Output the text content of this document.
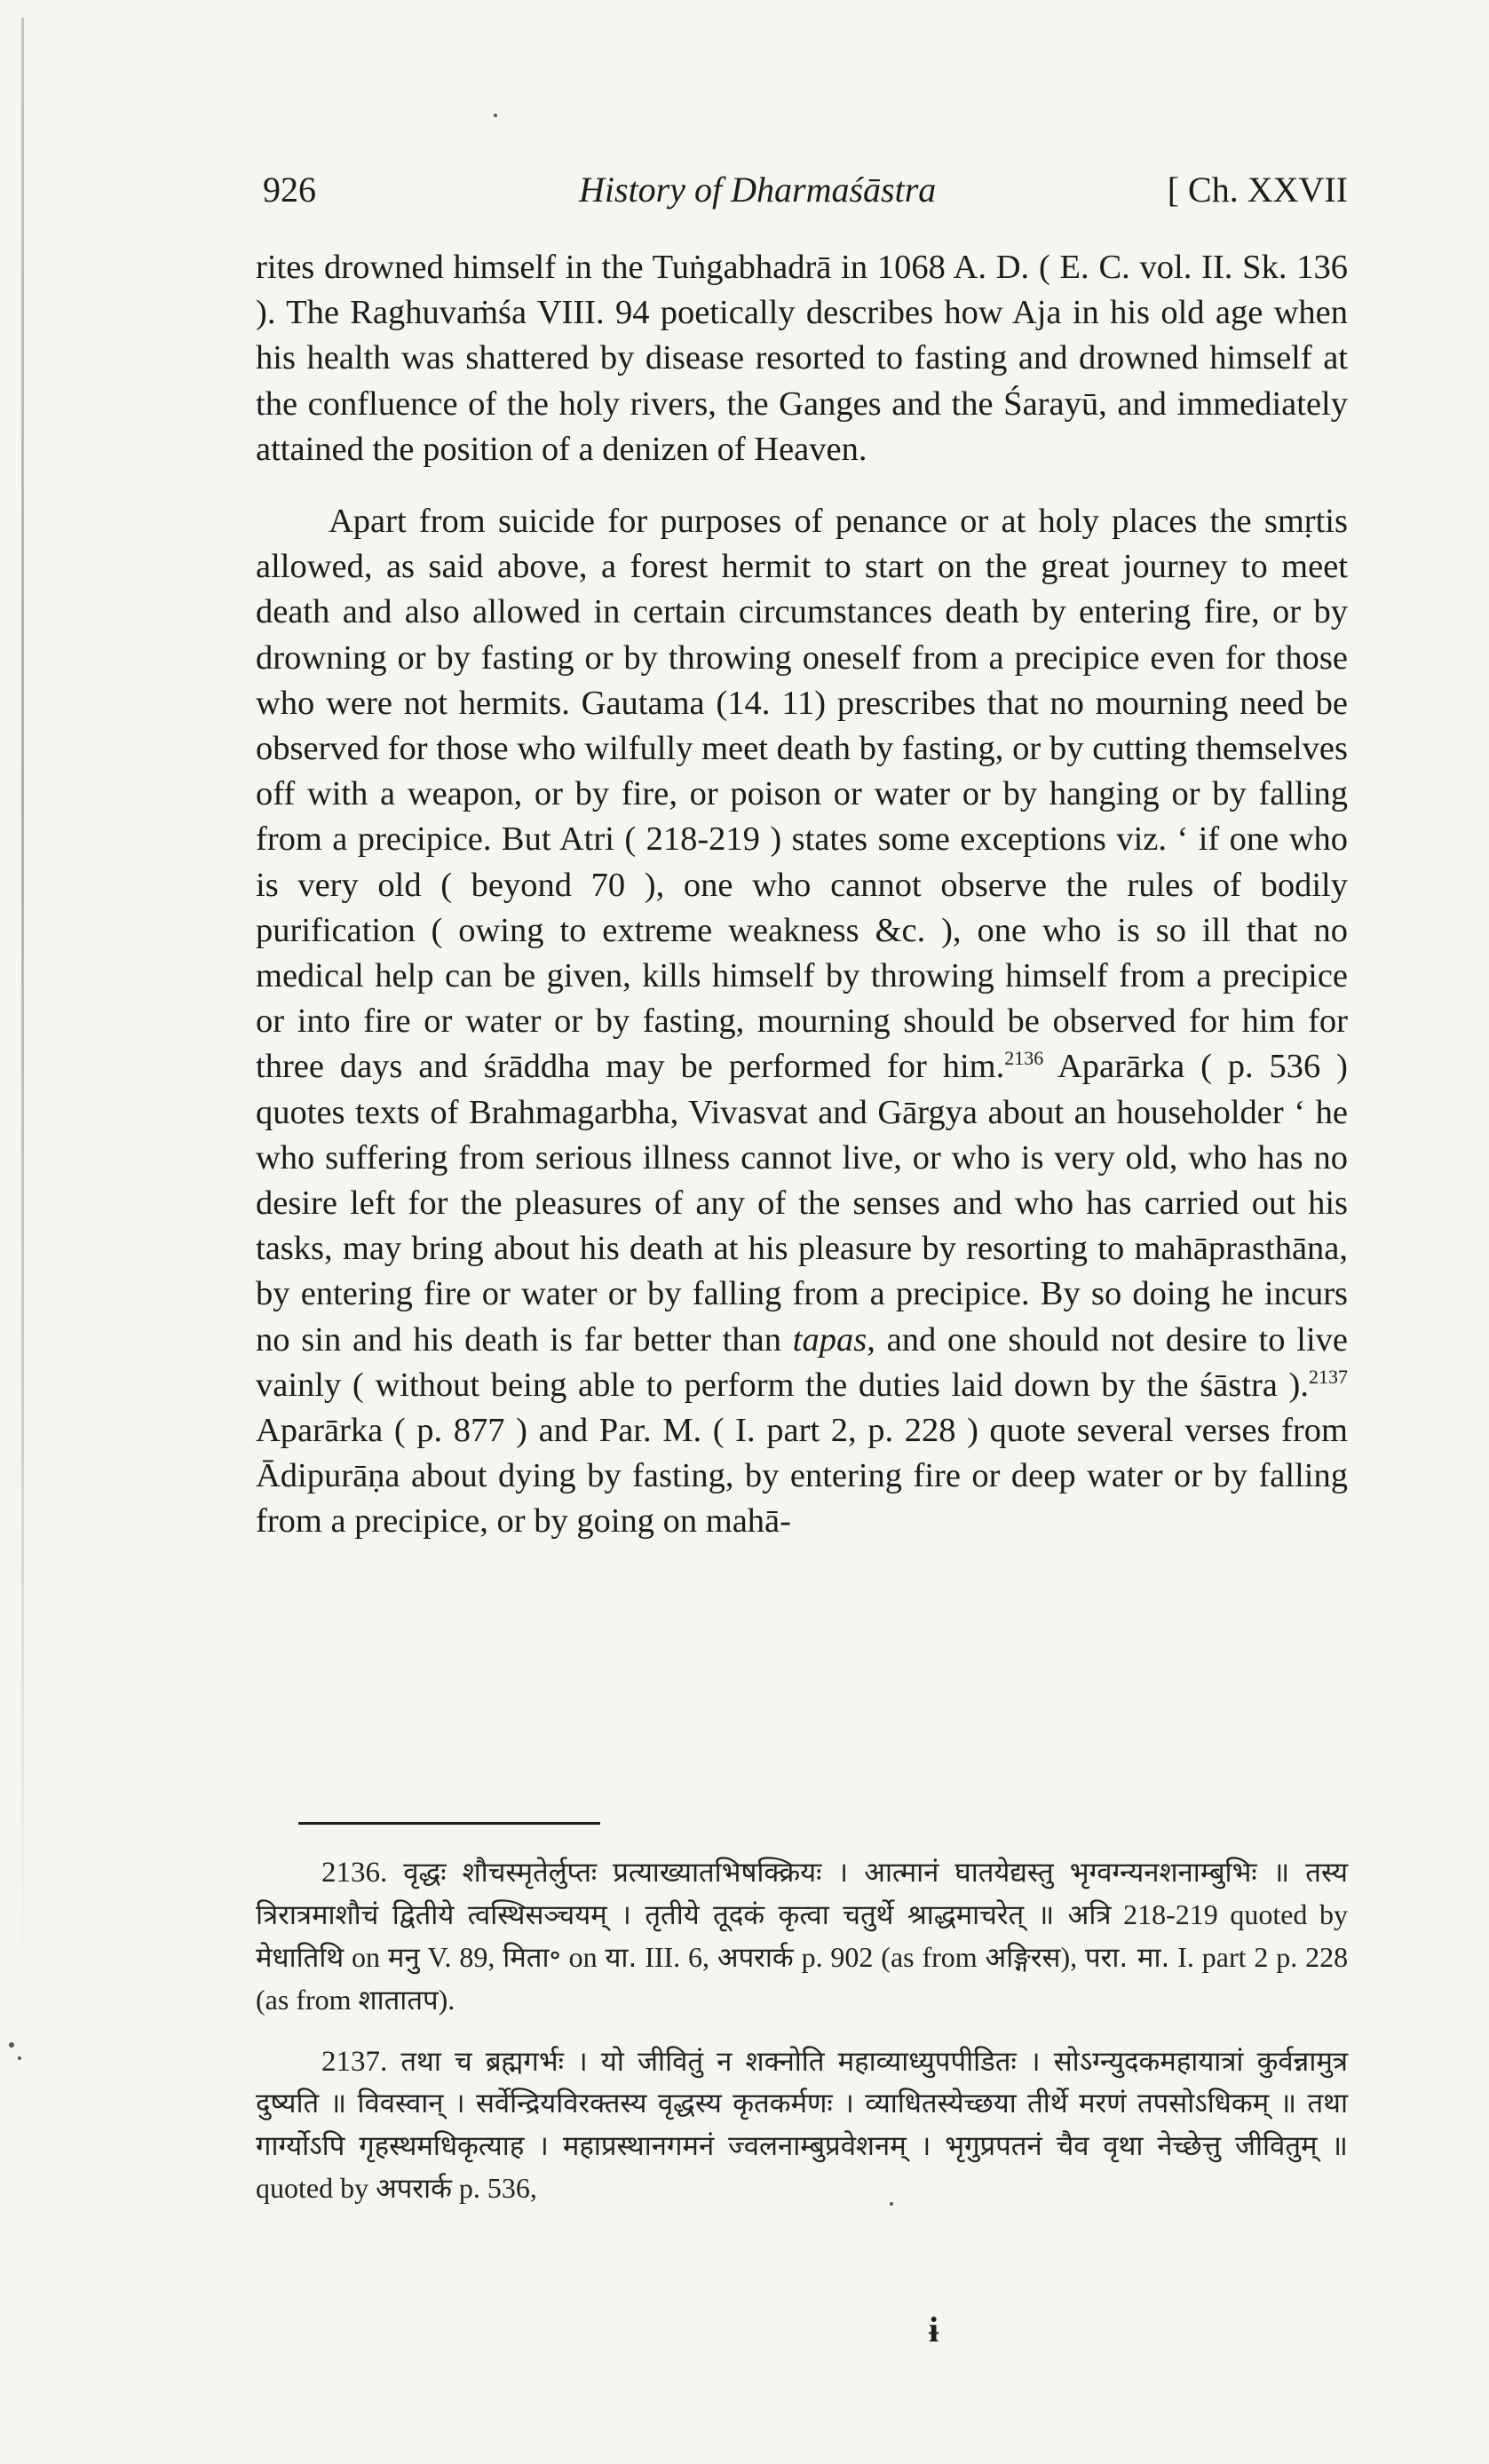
926	History of Dharmaśāstra	[ Ch. XXVII

rites drowned himself in the Tuṅgabhadrā in 1068 A. D. ( E. C. vol. II. Sk. 136 ). The Raghuvaṁśa VIII. 94 poetically describes how Aja in his old age when his health was shattered by disease resorted to fasting and drowned himself at the confluence of the holy rivers, the Ganges and the Śarayū, and immediately attained the position of a denizen of Heaven.

Apart from suicide for purposes of penance or at holy places the smṛtis allowed, as said above, a forest hermit to start on the great journey to meet death and also allowed in certain circumstances death by entering fire, or by drowning or by fasting or by throwing oneself from a precipice even for those who were not hermits. Gautama (14. 11) prescribes that no mourning need be observed for those who wilfully meet death by fasting, or by cutting themselves off with a weapon, or by fire, or poison or water or by hanging or by falling from a precipice. But Atri ( 218-219 ) states some exceptions viz. ‘ if one who is very old ( beyond 70 ), one who cannot observe the rules of bodily purification ( owing to extreme weakness &c. ), one who is so ill that no medical help can be given, kills himself by throwing himself from a precipice or into fire or water or by fasting, mourning should be observed for him for three days and śrāddha may be performed for him.$^{2136}$ Aparārka ( p. 536 ) quotes texts of Brahmagarbha, Vivasvat and Gārgya about an householder ‘ he who suffering from serious illness cannot live, or who is very old, who has no desire left for the pleasures of any of the senses and who has carried out his tasks, may bring about his death at his pleasure by resorting to mahāprasthāna, by entering fire or water or by falling from a precipice. By so doing he incurs no sin and his death is far better than tapas, and one should not desire to live vainly ( without being able to perform the duties laid down by the śāstra ).$^{2137}$ Aparārka ( p. 877 ) and Par. M. ( I. part 2, p. 228 ) quote several verses from Ādipurāṇa about dying by fasting, by entering fire or deep water or by falling from a precipice, or by going on mahā-

2136. वृद्धः शौचस्मृतेर्लुप्तः प्रत्याख्यातभिषक्क्रियः । आत्मानं घातयेद्यस्तु भृग्वग्न्यनशनाम्बुभिः ॥ तस्य त्रिरात्रमाशौचं द्वितीये त्वस्थिसञ्चयम् । तृतीये तूदकं कृत्वा चतुर्थे श्राद्धमाचरेत् ॥ अत्रि 218-219 quoted by मेधातिथि on मनु V. 89, मिता॰ on या. III. 6, अपरार्क p. 902 (as from अङ्गिरस), परा. मा. I. part 2 p. 228 (as from शातातप).

2137. तथा च ब्रह्मगर्भः । यो जीवितुं न शक्नोति महाव्याध्युपपीडितः । सोऽग्न्युदकमहायात्रां कुर्वन्नामुत्र दुष्यति ॥ विवस्वान् । सर्वेन्द्रियविरक्तस्य वृद्धस्य कृतकर्मणः । व्याधितस्येच्छया तीर्थे मरणं तपसोऽधिकम् ॥ तथा गार्ग्योऽपि गृहस्थमधिकृत्याह । महाप्रस्थानगमनं ज्वलनाम्बुप्रवेशनम् । भृगुप्रपतनं चैव वृथा नेच्छेत्तु जीवितुम् ॥ quoted by अपरार्क p. 536,

ɨ
